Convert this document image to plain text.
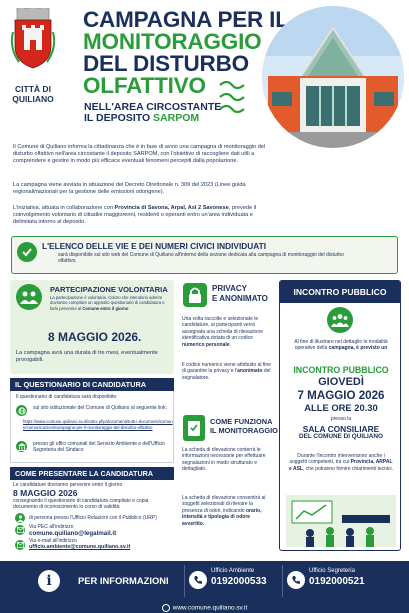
CITTÀ DI
QUILIANO
CAMPAGNA PER IL
MONITORAGGIO
DEL DISTURBO
OLFATTIVO
NELL'AREA CIRCOSTANTE
IL DEPOSITO SARPOM
Il Comune di Quiliano informa la cittadinanza che è in fase di avvio una campagna di monitoraggio del disturbo olfattivo nell'area circostante il deposito SARPOM, con l'obiettivo di raccogliere dati utili a comprendere e gestire in modo più efficace eventuali fenomeni percepiti dalla popolazione.
La campagna viene avviata in attuazione del Decreto Direttoriale n. 309 del 2023 (Linee guida regionali/nazionali per la gestione delle emissioni odorigene).
L'iniziativa, attuata in collaborazione con Provincia di Savona, Arpal, Asl 2 Savonese, prevede il coinvolgimento volontario di cittadini maggiorenni, residenti o operanti entro un'area individuata e delimitata intorno al deposito.
L'ELENCO DELLE VIE E DEI NUMERI CIVICI INDIVIDUATI
sarà disponibile sul sito web del Comune di Quiliano all'interno della sezione dedicata alla campagna di monitoraggio del disturbo olfattivo.
PARTECIPAZIONE VOLONTARIA
La partecipazione è volontaria. Coloro che intendono aderire dovranno compilare un apposito questionario di candidatura e farlo pervenire al Comune entro il giorno
8 MAGGIO 2026.
La campagna avrà una durata di tre mesi, eventualmente prorogabili.
PRIVACY
E ANONIMATO
Una volta raccolte e selezionate le candidature, ai partecipanti verrà assegnata una scheda di rilevazione identificativa dotata di un codice numerico personale.
Il codice numerico viene attribuito al fine di garantire la privacy e l'anonimato del segnalatore.
IL QUESTIONARIO DI CANDIDATURA
Il questionario di candidatura sarà disponibile:
sul sito istituzionale del Comune di Quiliano al seguente link:
https://www.comune.quiliano.sv.it/index.php/documenti/tutti-i-documenti/comune/comunicazioni/campagna-per-il-monitoraggio-del-disturbo-olfattivo
presso gli uffici comunali del Servizio Ambiente e dell'Ufficio Segreteria del Sindaco
COME FUNZIONA
IL MONITORAGGIO
La scheda di rilevazione conterrà le informazioni necessarie per effettuare segnalazioni in modo strutturato e dettagliato.
La scheda di rilevazione consentirà ai soggetti selezionati di rilevare la presenza di odori, indicando orario, intensità e tipologia di odore avvertito.
COME PRESENTARE LA CANDIDATURA
Le candidature dovranno pervenire entro il giorno
8 MAGGIO 2026
consegnando il questionario di candidatura compilato e copia documento di riconoscimento in corso di validità:
di persona presso l'Ufficio Relazioni con il Pubblico (URP)
Via PEC all'indirizzo
comune.quiliano@legalmail.it
Via e-mail all'indirizzo
ufficio.ambiente@comune.quiliano.sv.it
INCONTRO PUBBLICO
Al fine di illustrare nel dettaglio le modalità operative della campagna, è previsto un
INCONTRO PUBBLICO
GIOVEDÌ
7 MAGGIO 2026
ALLE ORE 20.30
presso la
SALA CONSILIARE
DEL COMUNE DI QUILIANO
Durante l'incontro interverranno anche i soggetti competenti, tra cui Provincia, ARPAL e ASL, che potranno fornire chiarimenti tecnici.
i	PER INFORMAZIONI
Ufficio Ambiente
0192000533
Ufficio Segreteria
0192000521
www.comune.quiliano.sv.it
